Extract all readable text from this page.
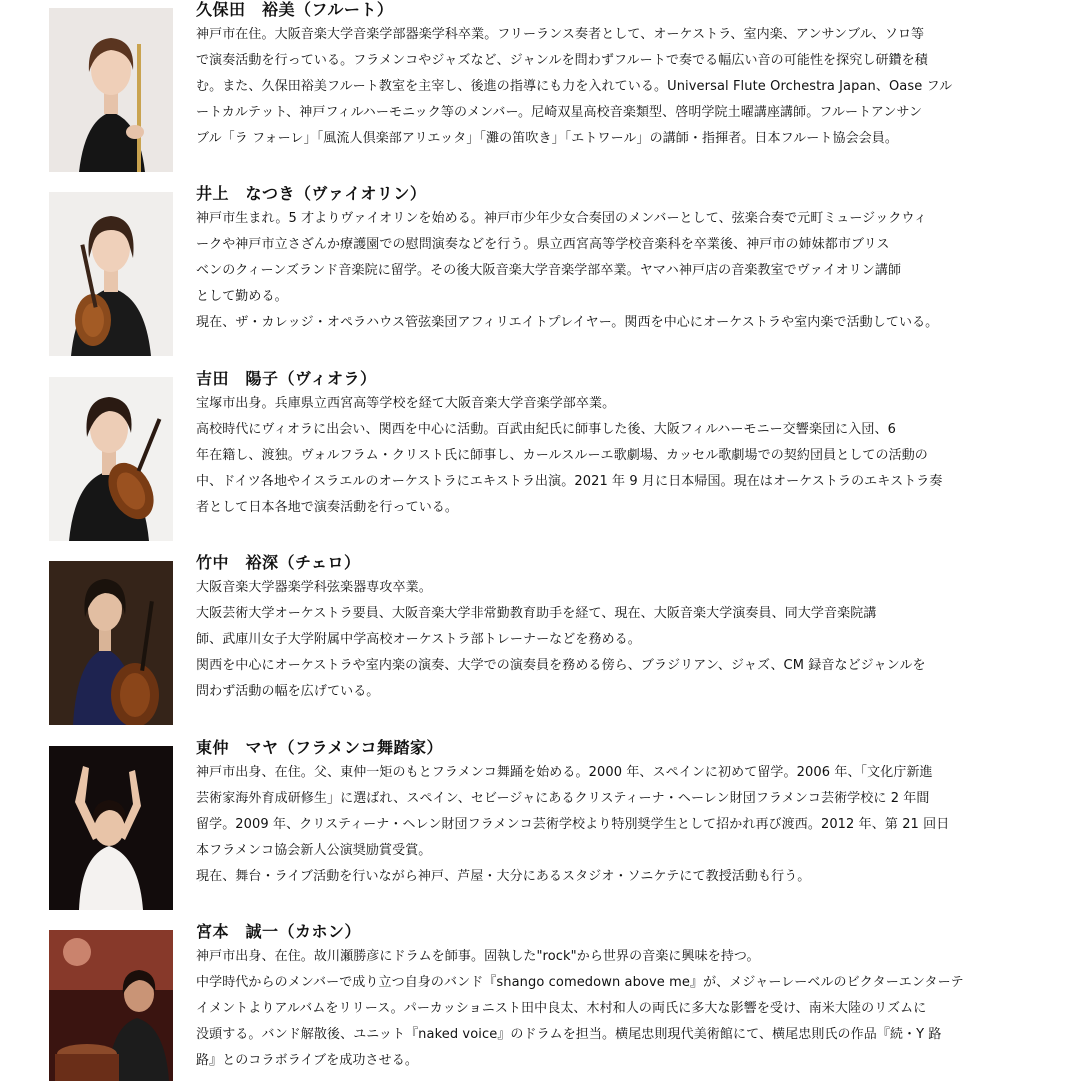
久保田　裕美（フルート）
神戸市在住。大阪音楽大学音楽学部器楽学科卒業。フリーランス奏者として、オーケストラ、室内楽、アンサンブル、ソロ等
で演奏活動を行っている。フラメンコやジャズなど、ジャンルを問わずフルートで奏でる幅広い音の可能性を探究し研鑽を積
む。また、久保田裕美フルート教室を主宰し、後進の指導にも力を入れている。Universal Flute Orchestra Japan、Oase フル
ートカルテット、神戸フィルハーモニック等のメンバー。尼崎双星高校音楽類型、啓明学院土曜講座講師。フルートアンサン
ブル「ラ フォーレ」「風流人倶楽部アリエッタ」「灘の笛吹き」「エトワール」の講師・指揮者。日本フルート協会会員。
井上　なつき（ヴァイオリン）
神戸市生まれ。5 才よりヴァイオリンを始める。神戸市少年少女合奏団のメンバーとして、弦楽合奏で元町ミュージックウィ
ークや神戸市立さざんか療護園での慰問演奏などを行う。県立西宮高等学校音楽科を卒業後、神戸市の姉妹都市ブリス
ベンのクィーンズランド音楽院に留学。その後大阪音楽大学音楽学部卒業。ヤマハ神戸店の音楽教室でヴァイオリン講師
として勤める。
現在、ザ・カレッジ・オペラハウス管弦楽団アフィリエイトプレイヤー。関西を中心にオーケストラや室内楽で活動している。
吉田　陽子（ヴィオラ）
宝塚市出身。兵庫県立西宮高等学校を経て大阪音楽大学音楽学部卒業。
高校時代にヴィオラに出会い、関西を中心に活動。百武由紀氏に師事した後、大阪フィルハーモニー交響楽団に入団、6
年在籍し、渡独。ヴォルフラム・クリスト氏に師事し、カールスルーエ歌劇場、カッセル歌劇場での契約団員としての活動の
中、ドイツ各地やイスラエルのオーケストラにエキストラ出演。2021 年 9 月に日本帰国。現在はオーケストラのエキストラ奏
者として日本各地で演奏活動を行っている。
竹中　裕深（チェロ）
大阪音楽大学器楽学科弦楽器専攻卒業。
大阪芸術大学オーケストラ要員、大阪音楽大学非常勤教育助手を経て、現在、大阪音楽大学演奏員、同大学音楽院講
師、武庫川女子大学附属中学高校オーケストラ部トレーナーなどを務める。
関西を中心にオーケストラや室内楽の演奏、大学での演奏員を務める傍ら、ブラジリアン、ジャズ、CM 録音などジャンルを
問わず活動の幅を広げている。
東仲　マヤ（フラメンコ舞踏家）
神戸市出身、在住。父、東仲一矩のもとフラメンコ舞踊を始める。2000 年、スペインに初めて留学。2006 年、「文化庁新進
芸術家海外育成研修生」に選ばれ、スペイン、セビージャにあるクリスティーナ・ヘーレン財団フラメンコ芸術学校に 2 年間
留学。2009 年、クリスティーナ・ヘレン財団フラメンコ芸術学校より特別奨学生として招かれ再び渡西。2012 年、第 21 回日
本フラメンコ協会新人公演奨励賞受賞。
現在、舞台・ライブ活動を行いながら神戸、芦屋・大分にあるスタジオ・ソニケテにて教授活動も行う。
宮本　誠一（カホン）
神戸市出身、在住。故川瀬勝彦にドラムを師事。固執した"rock"から世界の音楽に興味を持つ。
中学時代からのメンバーで成り立つ自身のバンド『shango comedown above me』が、メジャーレーベルのビクターエンターテ
イメントよりアルバムをリリース。パーカッショニスト田中良太、木村和人の両氏に多大な影響を受け、南米大陸のリズムに
没頭する。バンド解散後、ユニット『naked voice』のドラムを担当。横尾忠則現代美術館にて、横尾忠則氏の作品『続・Y 路
路』とのコラボライブを成功させる。
